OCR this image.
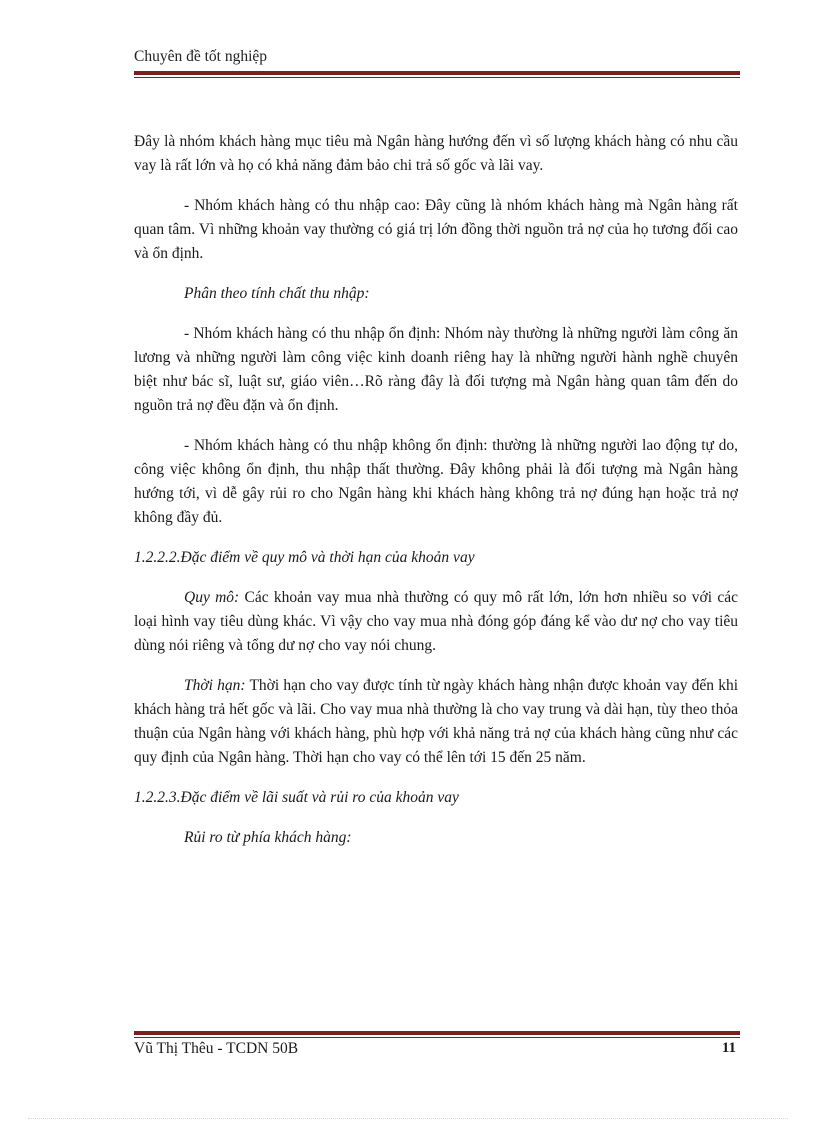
Chuyên đề tốt nghiệp

Đây là nhóm khách hàng mục tiêu mà Ngân hàng hướng đến vì số lượng khách hàng có nhu cầu vay là rất lớn và họ có khả năng đảm bảo chi trả số gốc và lãi vay.

- Nhóm khách hàng có thu nhập cao: Đây cũng là nhóm khách hàng mà Ngân hàng rất quan tâm. Vì những khoản vay thường có giá trị lớn đồng thời nguồn trả nợ của họ tương đối cao và ổn định.

Phân theo tính chất thu nhập:

- Nhóm khách hàng có thu nhập ổn định: Nhóm này thường là những người làm công ăn lương và những người làm công việc kinh doanh riêng hay là những người hành nghề chuyên biệt như bác sĩ, luật sư, giáo viên…Rõ ràng đây là đối tượng mà Ngân hàng quan tâm đến do nguồn trả nợ đều đặn và ổn định.

- Nhóm khách hàng có thu nhập không ổn định: thường là những người lao động tự do, công việc không ổn định, thu nhập thất thường. Đây không phải là đối tượng mà Ngân hàng hướng tới, vì dễ gây rủi ro cho Ngân hàng khi khách hàng không trả nợ đúng hạn hoặc trả nợ không đầy đủ.

1.2.2.2.Đặc điểm về quy mô và thời hạn của khoản vay

Quy mô: Các khoản vay mua nhà thường có quy mô rất lớn, lớn hơn nhiều so với các loại hình vay tiêu dùng khác. Vì vậy cho vay mua nhà đóng góp đáng kể vào dư nợ cho vay tiêu dùng nói riêng và tổng dư nợ cho vay nói chung.

Thời hạn: Thời hạn cho vay được tính từ ngày khách hàng nhận được khoản vay đến khi khách hàng trả hết gốc và lãi. Cho vay mua nhà thường là cho vay trung và dài hạn, tùy theo thỏa thuận của Ngân hàng với khách hàng, phù hợp với khả năng trả nợ của khách hàng cũng như các quy định của Ngân hàng. Thời hạn cho vay có thể lên tới 15 đến 25 năm.

1.2.2.3.Đặc điểm về lãi suất và rủi ro của khoản vay

Rủi ro từ phía khách hàng:

Vũ Thị Thêu - TCDN 50B	11
